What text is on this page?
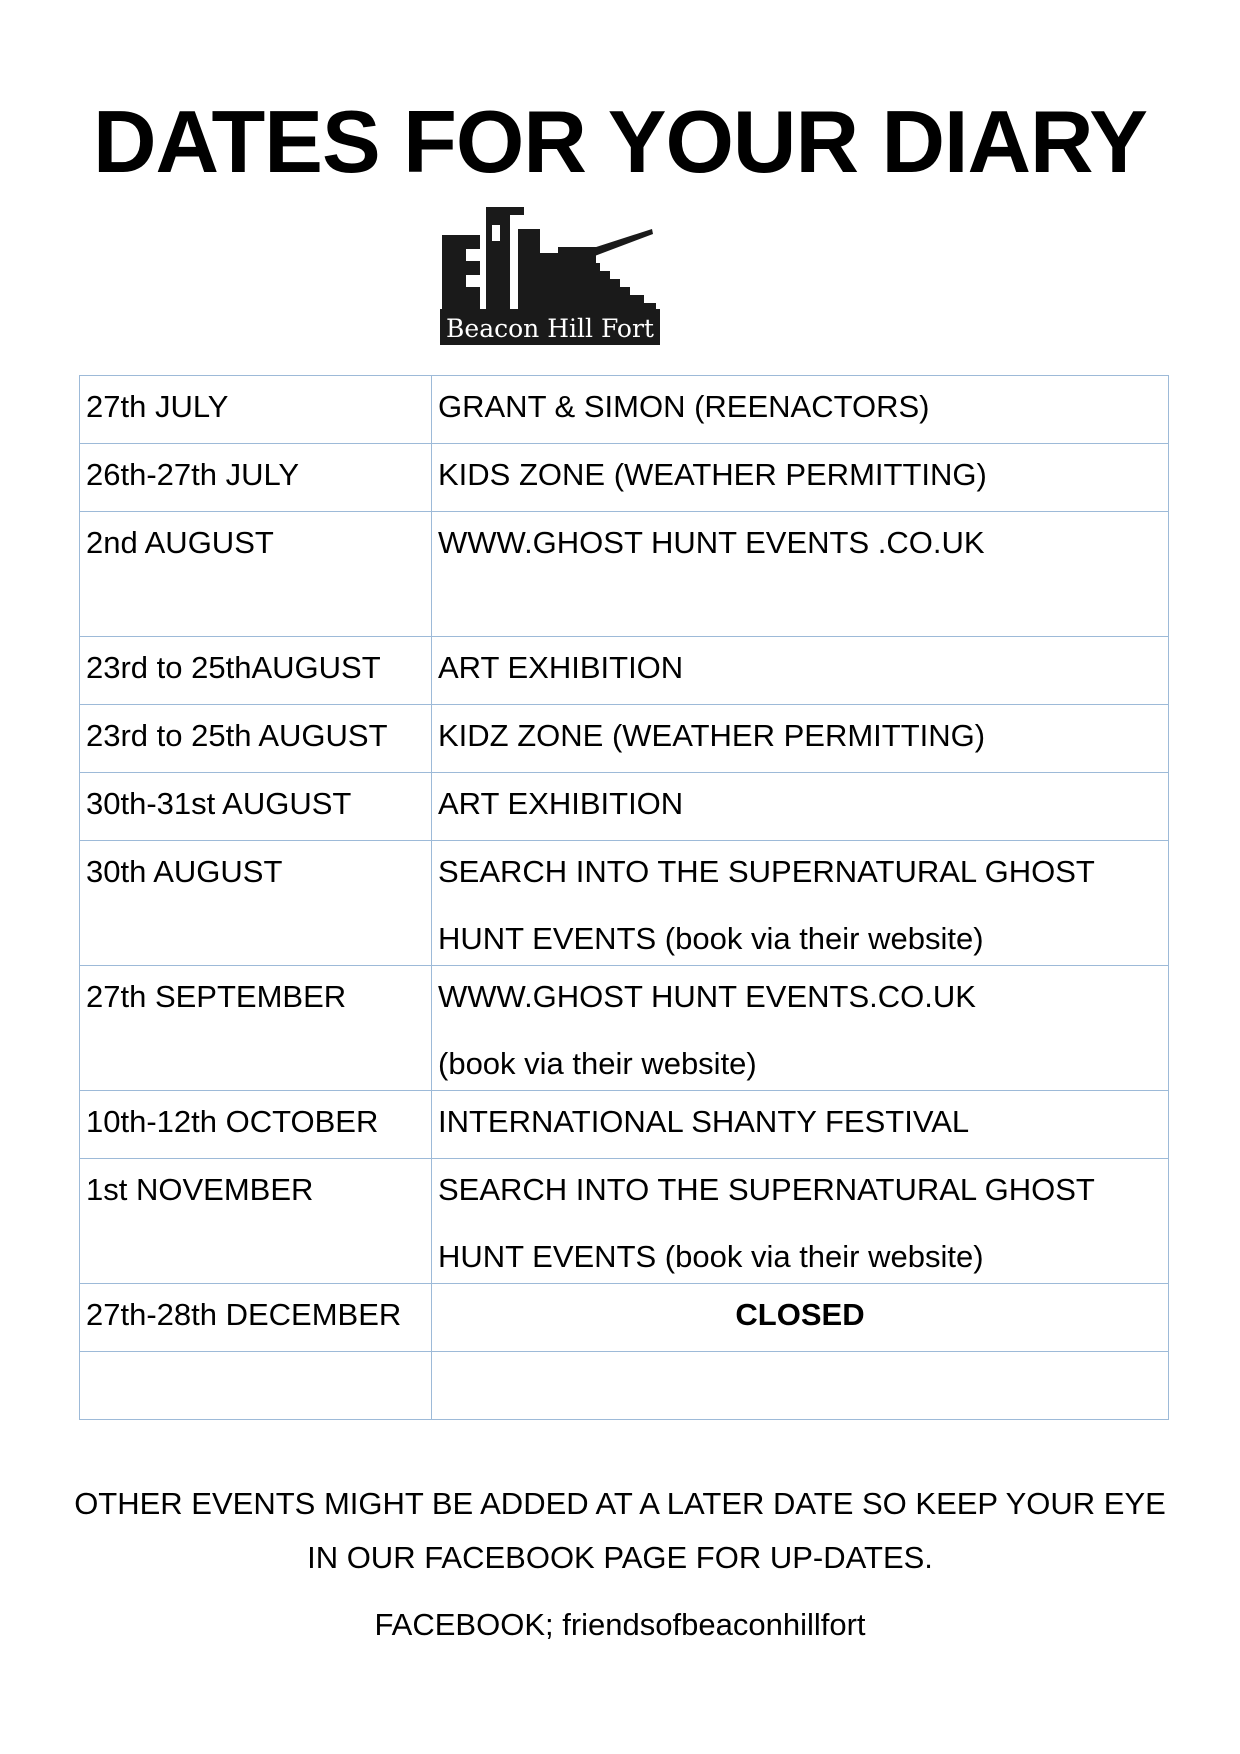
DATES FOR YOUR DIARY
Beacon Hill Fort
27th JULY	GRANT & SIMON (REENACTORS)

26th-27th JULY	KIDS ZONE (WEATHER PERMITTING)

2nd AUGUST	WWW.GHOST HUNT EVENTS .CO.UK

23rd to 25thAUGUST	ART EXHIBITION

23rd to 25th AUGUST	KIDZ ZONE (WEATHER PERMITTING)

30th-31st AUGUST	ART EXHIBITION

30th AUGUST	SEARCH INTO THE SUPERNATURAL GHOST
HUNT EVENTS (book via their website)

27th SEPTEMBER	WWW.GHOST HUNT EVENTS.CO.UK
(book via their website)

10th-12th OCTOBER	INTERNATIONAL SHANTY FESTIVAL

1st NOVEMBER	SEARCH INTO THE SUPERNATURAL GHOST
HUNT EVENTS (book via their website)

27th-28th DECEMBER	CLOSED

OTHER EVENTS MIGHT BE ADDED AT A LATER DATE SO KEEP YOUR EYE
IN OUR FACEBOOK PAGE FOR UP-DATES.
FACEBOOK; friendsofbeaconhillfort
